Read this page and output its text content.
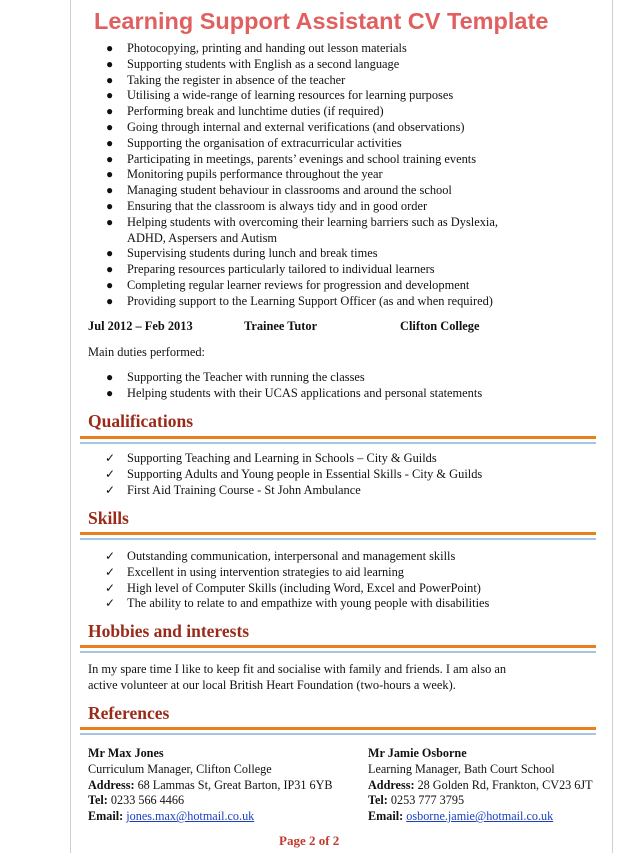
Learning Support Assistant CV Template
● Photocopying, printing and handing out lesson materials
● Supporting students with English as a second language
● Taking the register in absence of the teacher
● Utilising a wide-range of learning resources for learning purposes
● Performing break and lunchtime duties (if required)
● Going through internal and external verifications (and observations)
● Supporting the organisation of extracurricular activities
● Participating in meetings, parents’ evenings and school training events
● Monitoring pupils performance throughout the year
● Managing student behaviour in classrooms and around the school
● Ensuring that the classroom is always tidy and in good order
● Helping students with overcoming their learning barriers such as Dyslexia,
ADHD, Aspersers and Autism
● Supervising students during lunch and break times
● Preparing resources particularly tailored to individual learners
● Completing regular learner reviews for progression and development
● Providing support to the Learning Support Officer (as and when required)
Jul 2012 – Feb 2013	Trainee Tutor	Clifton College
Main duties performed:
● Supporting the Teacher with running the classes
● Helping students with their UCAS applications and personal statements
Qualifications
✓ Supporting Teaching and Learning in Schools – City & Guilds
✓ Supporting Adults and Young people in Essential Skills - City & Guilds
✓ First Aid Training Course - St John Ambulance
Skills
✓ Outstanding communication, interpersonal and management skills
✓ Excellent in using intervention strategies to aid learning
✓ High level of Computer Skills (including Word, Excel and PowerPoint)
✓ The ability to relate to and empathize with young people with disabilities
Hobbies and interests
In my spare time I like to keep fit and socialise with family and friends. I am also an
active volunteer at our local British Heart Foundation (two-hours a week).
References
Mr Max Jones
Curriculum Manager, Clifton College
Address: 68 Lammas St, Great Barton, IP31 6YB
Tel: 0233 566 4466
Email: jones.max@hotmail.co.uk
Mr Jamie Osborne
Learning Manager, Bath Court School
Address: 28 Golden Rd, Frankton, CV23 6JT
Tel: 0253 777 3795
Email: osborne.jamie@hotmail.co.uk
Page 2 of 2
